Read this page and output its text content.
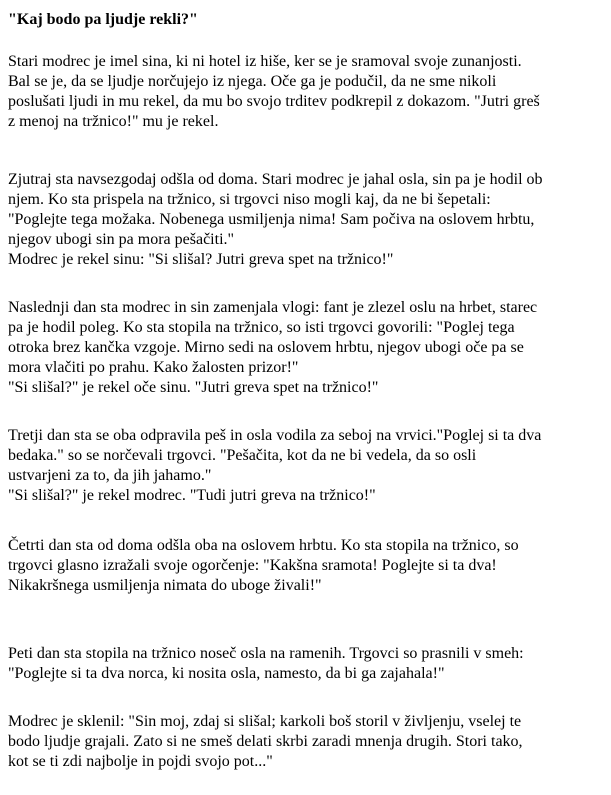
"Kaj bodo pa ljudje rekli?"
Stari modrec je imel sina, ki ni hotel iz hiše, ker se je sramoval svoje zunanjosti.
Bal se je, da se ljudje norčujejo iz njega. Oče ga je podučil, da ne sme nikoli
poslušati ljudi in mu rekel, da mu bo svojo trditev podkrepil z dokazom. "Jutri greš
z menoj na tržnico!" mu je rekel.
Zjutraj sta navsezgodaj odšla od doma. Stari modrec je jahal osla, sin pa je hodil ob
njem. Ko sta prispela na tržnico, si trgovci niso mogli kaj, da ne bi šepetali:
"Poglejte tega možaka. Nobenega usmiljenja nima! Sam počiva na oslovem hrbtu,
njegov ubogi sin pa mora pešačiti."
Modrec je rekel sinu: "Si slišal? Jutri greva spet na tržnico!"
Naslednji dan sta modrec in sin zamenjala vlogi: fant je zlezel oslu na hrbet, starec
pa je hodil poleg. Ko sta stopila na tržnico, so isti trgovci govorili: "Poglej tega
otroka brez kančka vzgoje. Mirno sedi na oslovem hrbtu, njegov ubogi oče pa se
mora vlačiti po prahu. Kako žalosten prizor!"
"Si slišal?" je rekel oče sinu. "Jutri greva spet na tržnico!"
Tretji dan sta se oba odpravila peš in osla vodila za seboj na vrvici."Poglej si ta dva
bedaka." so se norčevali trgovci. "Pešačita, kot da ne bi vedela, da so osli
ustvarjeni za to, da jih jahamo."
"Si slišal?" je rekel modrec. "Tudi jutri greva na tržnico!"
Četrti dan sta od doma odšla oba na oslovem hrbtu. Ko sta stopila na tržnico, so
trgovci glasno izražali svoje ogorčenje: "Kakšna sramota! Poglejte si ta dva!
Nikakršnega usmiljenja nimata do uboge živali!"
Peti dan sta stopila na tržnico noseč osla na ramenih. Trgovci so prasnili v smeh:
"Poglejte si ta dva norca, ki nosita osla, namesto, da bi ga zajahala!"
Modrec je sklenil: "Sin moj, zdaj si slišal; karkoli boš storil v življenju, vselej te
bodo ljudje grajali. Zato si ne smeš delati skrbi zaradi mnenja drugih. Stori tako,
kot se ti zdi najbolje in pojdi svojo pot..."
